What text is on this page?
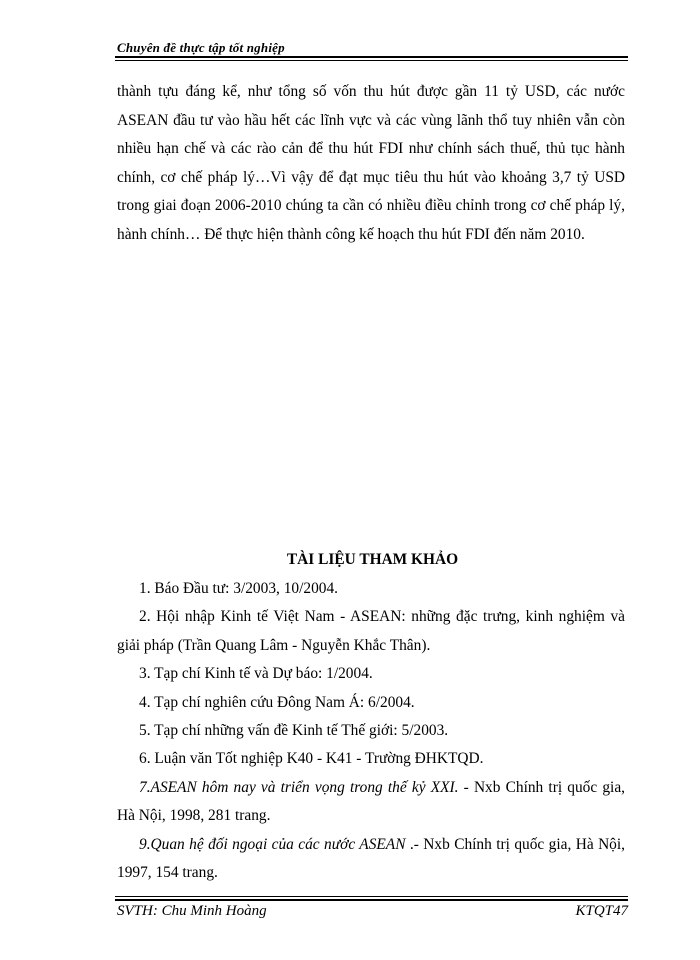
Chuyên đề thực tập tốt nghiệp
thành tựu đáng kể, như tổng số vốn thu hút được gần 11 tỷ USD, các nước ASEAN đầu tư vào hầu hết các lĩnh vực và các vùng lãnh thổ tuy nhiên vẫn còn nhiều hạn chế và các rào cản để thu hút FDI như chính sách thuế, thủ tục hành chính, cơ chế pháp lý…Vì vậy để đạt mục tiêu thu hút vào khoảng 3,7 tỷ USD trong giai đoạn 2006-2010 chúng ta cần có nhiều điều chỉnh trong cơ chế pháp lý, hành chính… Để thực hiện thành công kế hoạch thu hút FDI đến năm 2010.
TÀI LIỆU THAM KHẢO
1. Báo Đầu tư: 3/2003, 10/2004.
2. Hội nhập Kinh tế Việt Nam - ASEAN: những đặc trưng, kinh nghiệm và giải pháp (Trần Quang Lâm - Nguyễn Khắc Thân).
3. Tạp chí Kinh tế và Dự báo: 1/2004.
4. Tạp chí nghiên cứu Đông Nam Á: 6/2004.
5. Tạp chí những vấn đề Kinh tế Thế giới: 5/2003.
6. Luận văn Tốt nghiệp K40 - K41 - Trường ĐHKTQD.
7.ASEAN hôm nay và triển vọng trong thế kỷ XXI. - Nxb Chính trị quốc gia, Hà Nội, 1998, 281 trang.
9.Quan hệ đối ngoại của các nước ASEAN .- Nxb Chính trị quốc gia, Hà Nội, 1997, 154 trang.
SVTH: Chu Minh Hoàng	KTQT47
